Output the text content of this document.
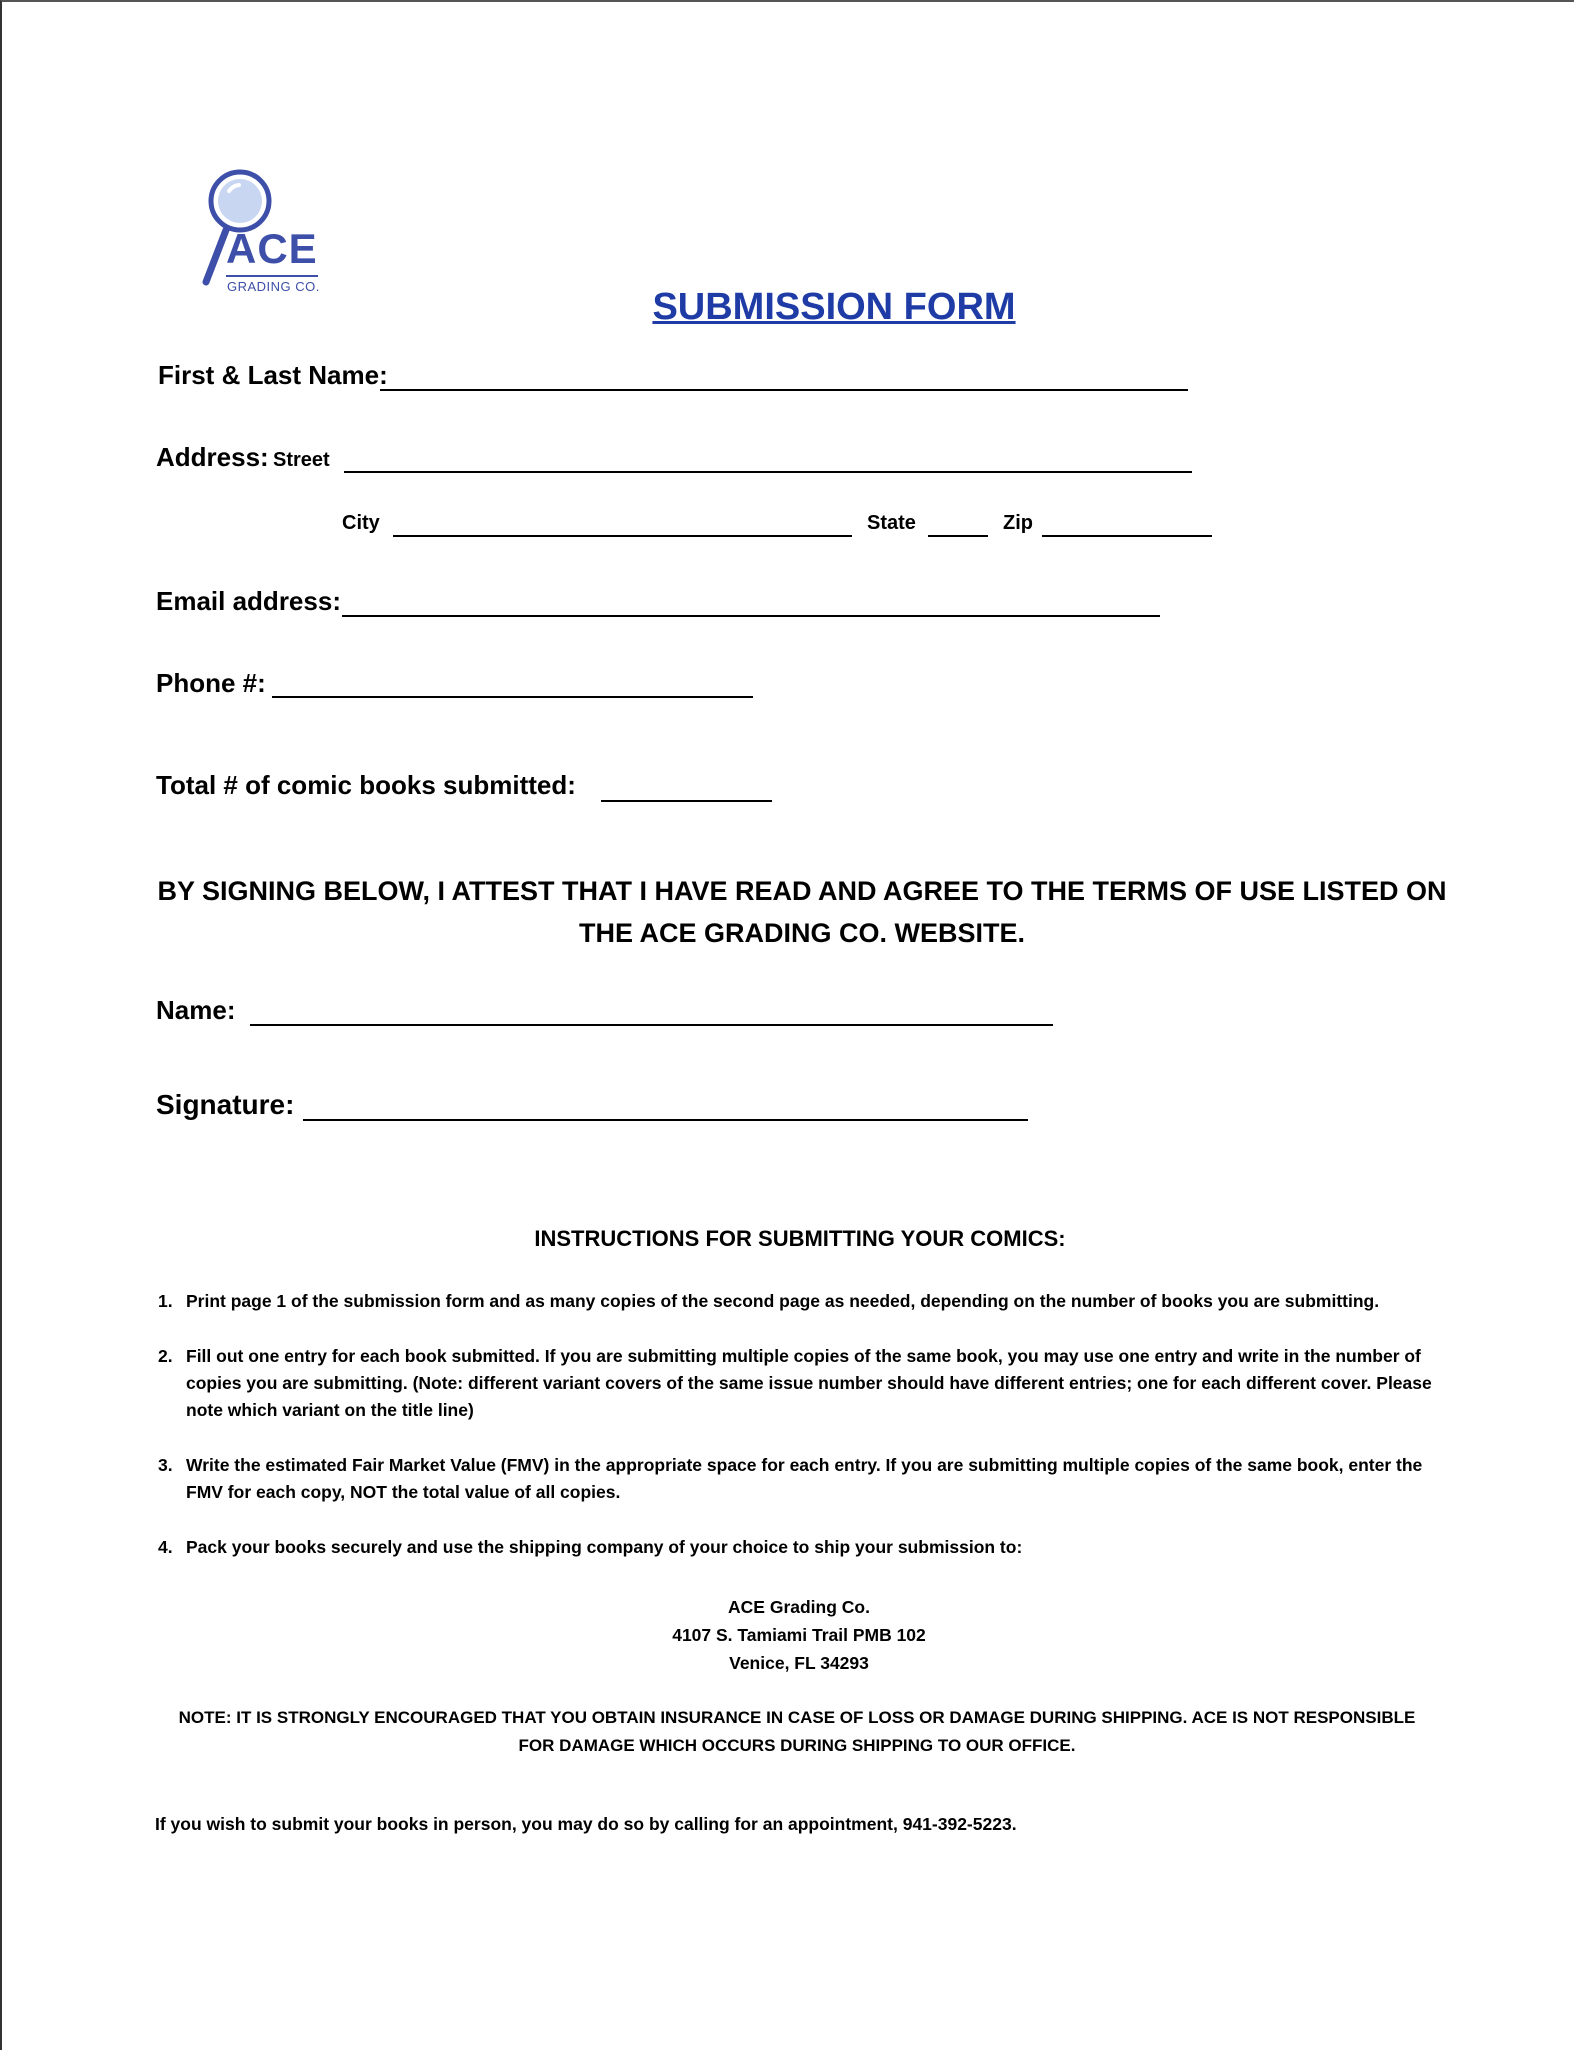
ACE
GRADING CO.	SUBMISSION FORM
First & Last Name:
Address: Street
City	State	Zip
Email address:
Phone #:
Total # of comic books submitted:
BY SIGNING BELOW, I ATTEST THAT I HAVE READ AND AGREE TO THE TERMS OF USE LISTED ON THE ACE GRADING CO. WEBSITE.
Name:
Signature:
INSTRUCTIONS FOR SUBMITTING YOUR COMICS:
1. Print page 1 of the submission form and as many copies of the second page as needed, depending on the number of books you are submitting.
2. Fill out one entry for each book submitted. If you are submitting multiple copies of the same book, you may use one entry and write in the number of copies you are submitting. (Note: different variant covers of the same issue number should have different entries; one for each different cover. Please note which variant on the title line)
3. Write the estimated Fair Market Value (FMV) in the appropriate space for each entry. If you are submitting multiple copies of the same book, enter the FMV for each copy, NOT the total value of all copies.
4. Pack your books securely and use the shipping company of your choice to ship your submission to:
ACE Grading Co.
4107 S. Tamiami Trail PMB 102
Venice, FL 34293
NOTE: IT IS STRONGLY ENCOURAGED THAT YOU OBTAIN INSURANCE IN CASE OF LOSS OR DAMAGE DURING SHIPPING. ACE IS NOT RESPONSIBLE FOR DAMAGE WHICH OCCURS DURING SHIPPING TO OUR OFFICE.
If you wish to submit your books in person, you may do so by calling for an appointment, 941-392-5223.
